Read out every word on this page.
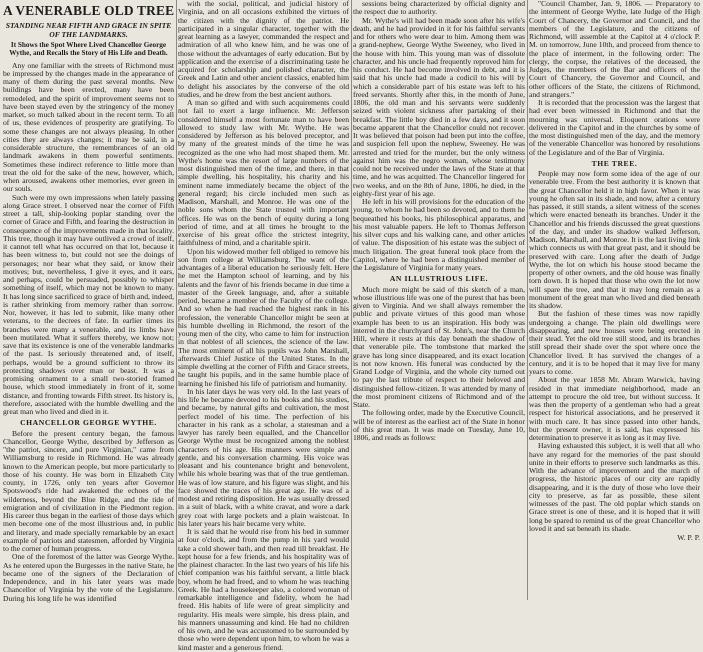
A VENERABLE OLD TREE
STANDING NEAR FIFTH AND GRACE IN SPITE OF THE LANDMARKS.
It Shows the Spot Where Lived Chancellor George Wythe, and Recalls the Story of His Life and Death.

Any one familiar with the streets of Richmond must be impressed by the changes made in the appearance of many of them during the past several months. New buildings have been erected, many have been remodeled, and the spirit of improvement seems not to have been stayed even by the stringency of the money market, so much talked about in the recent term. To all of us, these evidences of prosperity are gratifying. To some these changes are not always pleasing. In other cities they are always changes; it may be said, in a considerable structure, the remembrances of an old landmark awakens in them powerful sentiments. Sometimes these indirect reference to little more than treat the old for the sake of the new, however, which, when aroused, awakens other memories, ever green in our souls.

Such were my own impressions when lately passing along Grace street. I observed near the corner of Fifth street a tall, ship-looking poplar standing over the corner of Grace and Fifth, and fearing the destruction in consequence of the improvements made in that locality. This tree, though it may have outlived a crowd of itself, it cannot tell what has occurred on that lot, because it has been witness to, but could not see the doings of personages; nor hear what they said, or know their motives; but, nevertheless, I give it eyes, and it ears, and perhaps, could be persuaded, possibly to whisper something of itself, which may not be known to many. It has long since sacrificed to grace of birth and, indeed, is rather shrinking from memory rather than sorrow. Nor, however, it has led to submit, like many other veterans, to the decrees of fate. In earlier times its branches were many a venerable, and its limbs have been mutilated. What it suffers thereby, we know not; save that its existence is one of the venerable landmarks of the past. Is seriously threatened and, of itself, perhaps, would be a ground sufficient to throw its protecting shadows over man or beast. It was a promising ornament to a small two-storied framed house, which stood immediately in front of it, some distance, and fronting towards Fifth street. Its history is, therefore, associated with the humble dwelling and the great man who lived and died in it.

CHANCELLOR GEORGE WYTHE.

Before the present century began, the famous Chancellor, George Wythe, described by Jefferson as "the patriot, sincere, and pure Virginian," came from Williamsburg to reside in Richmond. He was already known to the American people, but more particularly to those of his county. He was born in Elizabeth City county, in 1726, only ten years after Governor Spotswood's ride had awakened the echoes of the wilderness, beyond the Blue Ridge, and the tide of emigration and of civilization in the Piedmont region. His career thus began in the earliest of those days which men become one of the most illustrious and, in public and literary, and made specially remarkable by an exact example of patriots and statesmen, afforded by Virginia to the corner of human progress.

One of the foremost of the latter was George Wythe. As he entered upon the Burgesses in the native State, he became one of the signers of the Declaration of Independence, and in his later years was made Chancellor of Virginia by the vote of the Legislature. During his long life he was identified

with the social, political, and judicial history of Virginia, and on all occasions exhibited the virtues of the citizen with the dignity of the patriot. He participated in a singular character, together with the great learning as a lawyer, commanded the respect and admiration of all who knew him, and he was one of those without the advantages of early education. But by application and the exercise of a discriminating taste he acquired for scholarship and polished character, the Greek and Latin and other ancient classics, enabled him to delight his associates by the converse of the old studies, and he drew from the best ancient authors.

A man so gifted and with such acquirements could not fail to exert a large influence. Mr. Jefferson considered himself a most fortunate man to have been allowed to study law with Mr. Wythe. He was considered by Jefferson as his beloved preceptor, and by many of the greatest minds of the time he was recognized as the one who had most shaped them. Mr. Wythe's home was the resort of large numbers of the most distinguished men of the time, and there, in that simple dwelling, his hospitality, his charity and his eminent name immediately became the object of the general regard; his circle included men such as Madison, Marshall, and Monroe. He was one of the noble sons whom the State trusted with important offices. He was on the bench of equity during a long period of time, and at all times he brought to the exercise of his great office the strictest integrity, faithfulness of mind, and a charitable spirit.

Upon his widowed mother fell obliged to remove his son from college at Williamsburg. The want of the advantages of a liberal education he seriously felt. Here he met the Hampton school of learning, and by his talents and the favor of his friends became in due time a master of the Greek language, and, after a suitable period, became a member of the Faculty of the college. And so when he had reached the highest rank in his profession, the venerable Chancellor might be seen at his humble dwelling in Richmond, the resort of the young men of the city, who came to him for instruction in that noblest of all sciences, the science of the law. The most eminent of all his pupils was John Marshall, afterwards Chief Justice of the United States. In the simple dwelling at the corner of Fifth and Grace streets, he taught his pupils, and in the same humble place of learning he finished his life of patriotism and humanity.

In his later days he was very old. In the last years of his life he became devoted to his books and his studies, and became, by natural gifts and cultivation, the most perfect model of his time. The perfection of his character in his rank as a scholar, a statesman and a lawyer has rarely been equalled, and the Chancellor George Wythe must be recognized among the noblest characters of his age. His manners were simple and gentle, and his conversation charming. His voice was pleasant and his countenance bright and benevolent, while his whole bearing was that of the true gentleman. He was of low stature, and his figure was slight, and his face showed the traces of his great age. He was of a modest and retiring disposition. He was usually dressed in a suit of black, with a white cravat, and wore a dark grey coat with large pockets and a plain waistcoat. In his later years his hair became very white.

It is said that he would rise from his bed in summer at four o'clock, and from the pump in his yard would take a cold shower bath, and then read till breakfast. He kept house for a few friends, and his hospitality was of the plainest character. In the last two years of his life his chief companion was his faithful servant, a little black boy, whom he had freed, and to whom he was teaching Greek. He had a housekeeper also, a colored woman of remarkable intelligence and fidelity, whom he had freed. His habits of life were of great simplicity and regularity. His meals were simple, his dress plain, and his manners unassuming and kind. He had no children of his own, and he was accustomed to be surrounded by those who were dependent upon him, to whom he was a kind master and a generous friend.

sessions being characterized by official dignity and the respect due to authority.

Mr. Wythe's will had been made soon after his wife's death, and he had provided in it for his faithful servants and for others who were dear to him. Among them was a grand-nephew, George Wythe Sweeney, who lived in the house with him. This young man was of dissolute character, and his uncle had frequently reproved him for his conduct. He had become involved in debt, and it is said that his uncle had made a codicil to his will by which a considerable part of his estate was left to his freed servants. Shortly after this, in the month of June, 1806, the old man and his servants were suddenly seized with violent sickness after partaking of their breakfast. The little boy died in a few days, and it soon became apparent that the Chancellor could not recover. It was believed that poison had been put into the coffee, and suspicion fell upon the nephew, Sweeney. He was arrested and tried for the murder, but the only witness against him was the negro woman, whose testimony could not be received under the laws of the State at that time, and he was acquitted. The Chancellor lingered for two weeks, and on the 8th of June, 1806, he died, in the eighty-first year of his age.

He left in his will provisions for the education of the young, to whom he had been so devoted, and to them he bequeathed his books, his philosophical apparatus, and his most valuable papers. He left to Thomas Jefferson his silver cups and his walking cane, and other articles of value. The disposition of his estate was the subject of much litigation. The great funeral took place from the Capitol, where he had been a distinguished member of the Legislature of Virginia for many years.

AN ILLUSTRIOUS LIFE.

Much more might be said of this sketch of a man, whose illustrious life was one of the purest that has been given to Virginia. And we shall always remember the public and private virtues of this good man whose example has been to us an inspiration. His body was interred in the churchyard of St. John's, near the Church Hill, where it rests at this day beneath the shadow of that venerable pile. The tombstone that marked the grave has long since disappeared, and its exact location is not now known. His funeral was conducted by the Grand Lodge of Virginia, and the whole city turned out to pay the last tribute of respect to their beloved and distinguished fellow-citizen. It was attended by many of the most prominent citizens of Richmond and of the State.

The following order, made by the Executive Council, will be of interest as the earliest act of the State in honor of this great man. It was made on Tuesday, June 10, 1806, and reads as follows:

"Council Chamber, Jan. 9, 1806. — Preparatory to the interment of George Wythe, late Judge of the High Court of Chancery, the Governor and Council, and the members of the Legislature, and the citizens of Richmond, will assemble at the Capitol at 4 o'clock P. M. on tomorrow, June 10th, and proceed from thence to the place of interment, in the following order: The clergy, the corpse, the relatives of the deceased, the Judges, the members of the Bar and officers of the Court of Chancery, the Governor and Council, and other officers of the State, the citizens of Richmond, and strangers."

It is recorded that the procession was the largest that had ever been witnessed in Richmond and that the mourning was universal. Eloquent orations were delivered in the Capitol and in the churches by some of the most distinguished men of the day, and the memory of the venerable Chancellor was honored by resolutions of the Legislature and of the Bar of Virginia.

THE TREE.

People may now form some idea of the age of our venerable tree. From the best authority it is known that the great Chancellor held it in high favor. When it was young he often sat in its shade, and now, after a century has passed, it still stands, a silent witness of the scenes which were enacted beneath its branches. Under it the Chancellor and his friends discussed the great questions of the day, and under its shadow walked Jefferson, Madison, Marshall, and Monroe. It is the last living link which connects us with that great past, and it should be preserved with care. Long after the death of Judge Wythe, the lot on which his house stood became the property of other owners, and the old house was finally torn down. It is hoped that those who own the lot now will spare the tree, and that it may long remain as a monument of the great man who lived and died beneath its shadow.

But the fashion of these times was now rapidly undergoing a change. The plain old dwellings were disappearing, and new houses were being erected in their stead. Yet the old tree still stood, and its branches still spread their shade over the spot where once the Chancellor lived. It has survived the changes of a century, and it is to be hoped that it may live for many years to come.

About the year 1858 Mr. Abram Warwick, having resided in that immediate neighborhood, made an attempt to procure the old tree, but without success. It was then the property of a gentleman who had a great respect for historical associations, and he preserved it with much care. It has since passed into other hands, but the present owner, it is said, has expressed his determination to preserve it as long as it may live.

Having exhausted this subject, it is well that all who have any regard for the memories of the past should unite in their efforts to preserve such landmarks as this. With the advance of improvement and the march of progress, the historic places of our city are rapidly disappearing, and it is the duty of those who love their city to preserve, as far as possible, these silent witnesses of the past. The old poplar which stands on Grace street is one of these, and it is hoped that it will long be spared to remind us of the great Chancellor who loved it and sat beneath its shade.

W. P. P.
